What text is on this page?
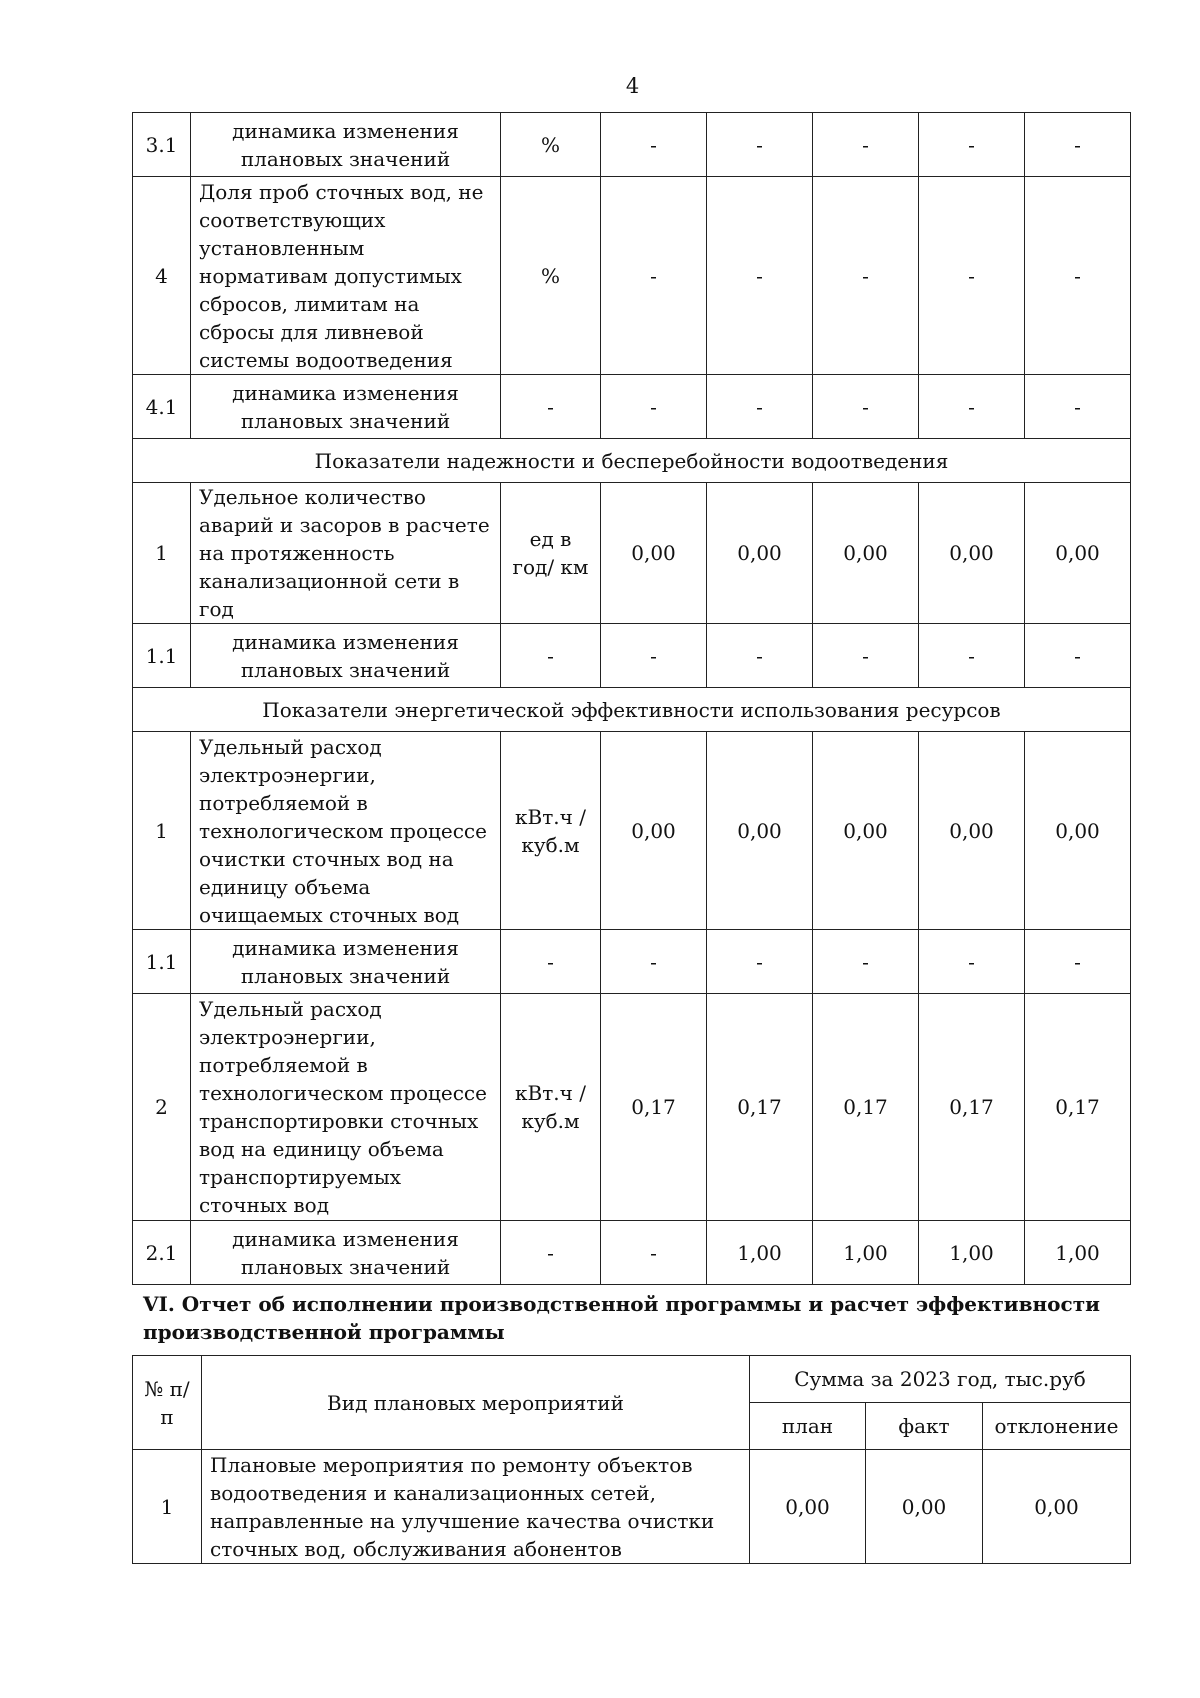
4
3.1	динамика изменения плановых значений	%	-	-	-	-	-
4	Доля проб сточных вод, не соответствующих установленным нормативам допустимых сбросов, лимитам на сбросы для ливневой системы водоотведения	%	-	-	-	-	-
4.1	динамика изменения плановых значений	-	-	-	-	-	-
Показатели надежности и бесперебойности водоотведения							
1	Удельное количество аварий и засоров в расчете на протяженность канализационной сети в год	ед в год/ км	0,00	0,00	0,00	0,00	0,00
1.1	динамика изменения плановых значений	-	-	-	-	-	-
Показатели энергетической эффективности использования ресурсов							
1	Удельный расход электроэнергии, потребляемой в технологическом процессе очистки сточных вод на единицу объема очищаемых сточных вод	кВт.ч / куб.м	0,00	0,00	0,00	0,00	0,00
1.1	динамика изменения плановых значений	-	-	-	-	-	-
2	Удельный расход электроэнергии, потребляемой в технологическом процессе транспортировки сточных вод на единицу объема транспортируемых сточных вод	кВт.ч / куб.м	0,17	0,17	0,17	0,17	0,17
2.1	динамика изменения плановых значений	-	-	1,00	1,00	1,00	1,00
VI. Отчет об исполнении производственной программы и расчет эффективности производственной программы
№ п/п	Вид плановых мероприятий	Сумма за 2023 год, тыс.руб		
		план	факт	отклонение
1	Плановые мероприятия по ремонту объектов водоотведения и канализационных сетей, направленные на улучшение качества очистки сточных вод, обслуживания абонентов	0,00	0,00	0,00
